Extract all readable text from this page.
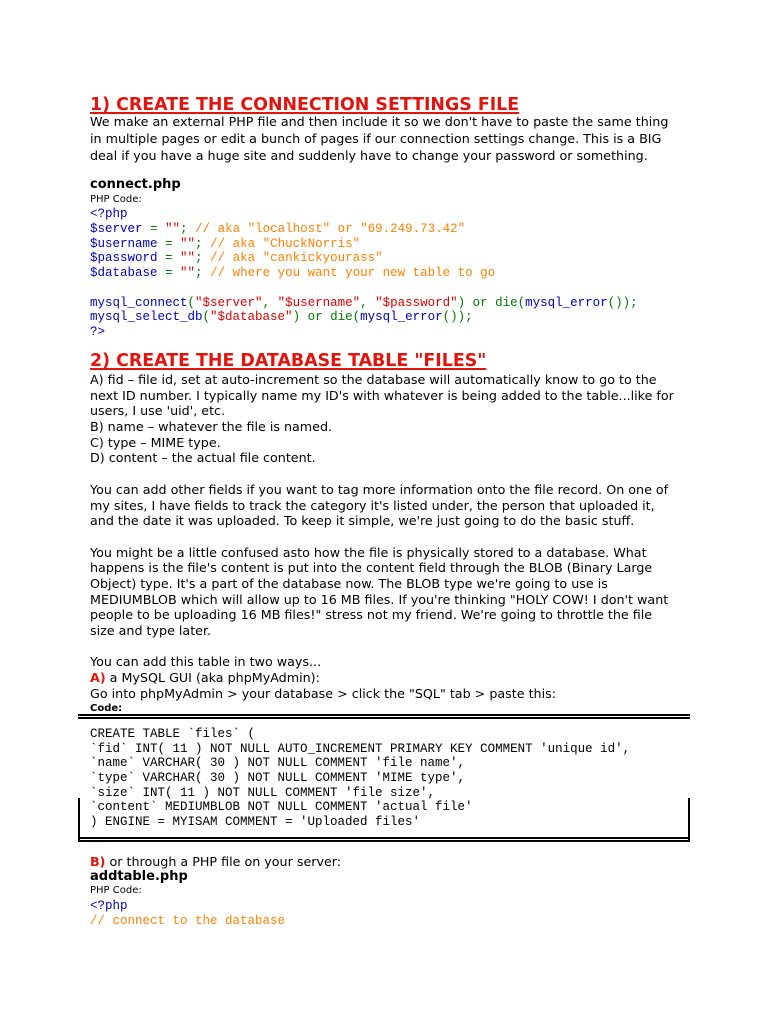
1) CREATE THE CONNECTION SETTINGS FILE
We make an external PHP file and then include it so we don't have to paste the same thing
in multiple pages or edit a bunch of pages if our connection settings change. This is a BIG
deal if you have a huge site and suddenly have to change your password or something.
connect.php
PHP Code:
<?php
$server = ""; // aka "localhost" or "69.249.73.42"
$username = ""; // aka "ChuckNorris"
$password = ""; // aka "cankickyourass"
$database = ""; // where you want your new table to go
mysql_connect("$server", "$username", "$password") or die(mysql_error());
mysql_select_db("$database") or die(mysql_error());
?>
2) CREATE THE DATABASE TABLE "FILES"
A) fid – file id, set at auto-increment so the database will automatically know to go to the
next ID number. I typically name my ID's with whatever is being added to the table...like for
users, I use 'uid', etc.
B) name – whatever the file is named.
C) type – MIME type.
D) content – the actual file content.
You can add other fields if you want to tag more information onto the file record. On one of
my sites, I have fields to track the category it's listed under, the person that uploaded it,
and the date it was uploaded. To keep it simple, we're just going to do the basic stuff.
You might be a little confused asto how the file is physically stored to a database. What
happens is the file's content is put into the content field through the BLOB (Binary Large
Object) type. It's a part of the database now. The BLOB type we're going to use is
MEDIUMBLOB which will allow up to 16 MB files. If you're thinking "HOLY COW! I don't want
people to be uploading 16 MB files!" stress not my friend. We're going to throttle the file
size and type later.
You can add this table in two ways...
A) a MySQL GUI (aka phpMyAdmin):
Go into phpMyAdmin > your database > click the "SQL" tab > paste this:
Code:
CREATE TABLE `files` (
`fid` INT( 11 ) NOT NULL AUTO_INCREMENT PRIMARY KEY COMMENT 'unique id',
`name` VARCHAR( 30 ) NOT NULL COMMENT 'file name',
`type` VARCHAR( 30 ) NOT NULL COMMENT 'MIME type',
`size` INT( 11 ) NOT NULL COMMENT 'file size',
`content` MEDIUMBLOB NOT NULL COMMENT 'actual file'
) ENGINE = MYISAM COMMENT = 'Uploaded files'
B) or through a PHP file on your server:
addtable.php
PHP Code:
<?php
// connect to the database
